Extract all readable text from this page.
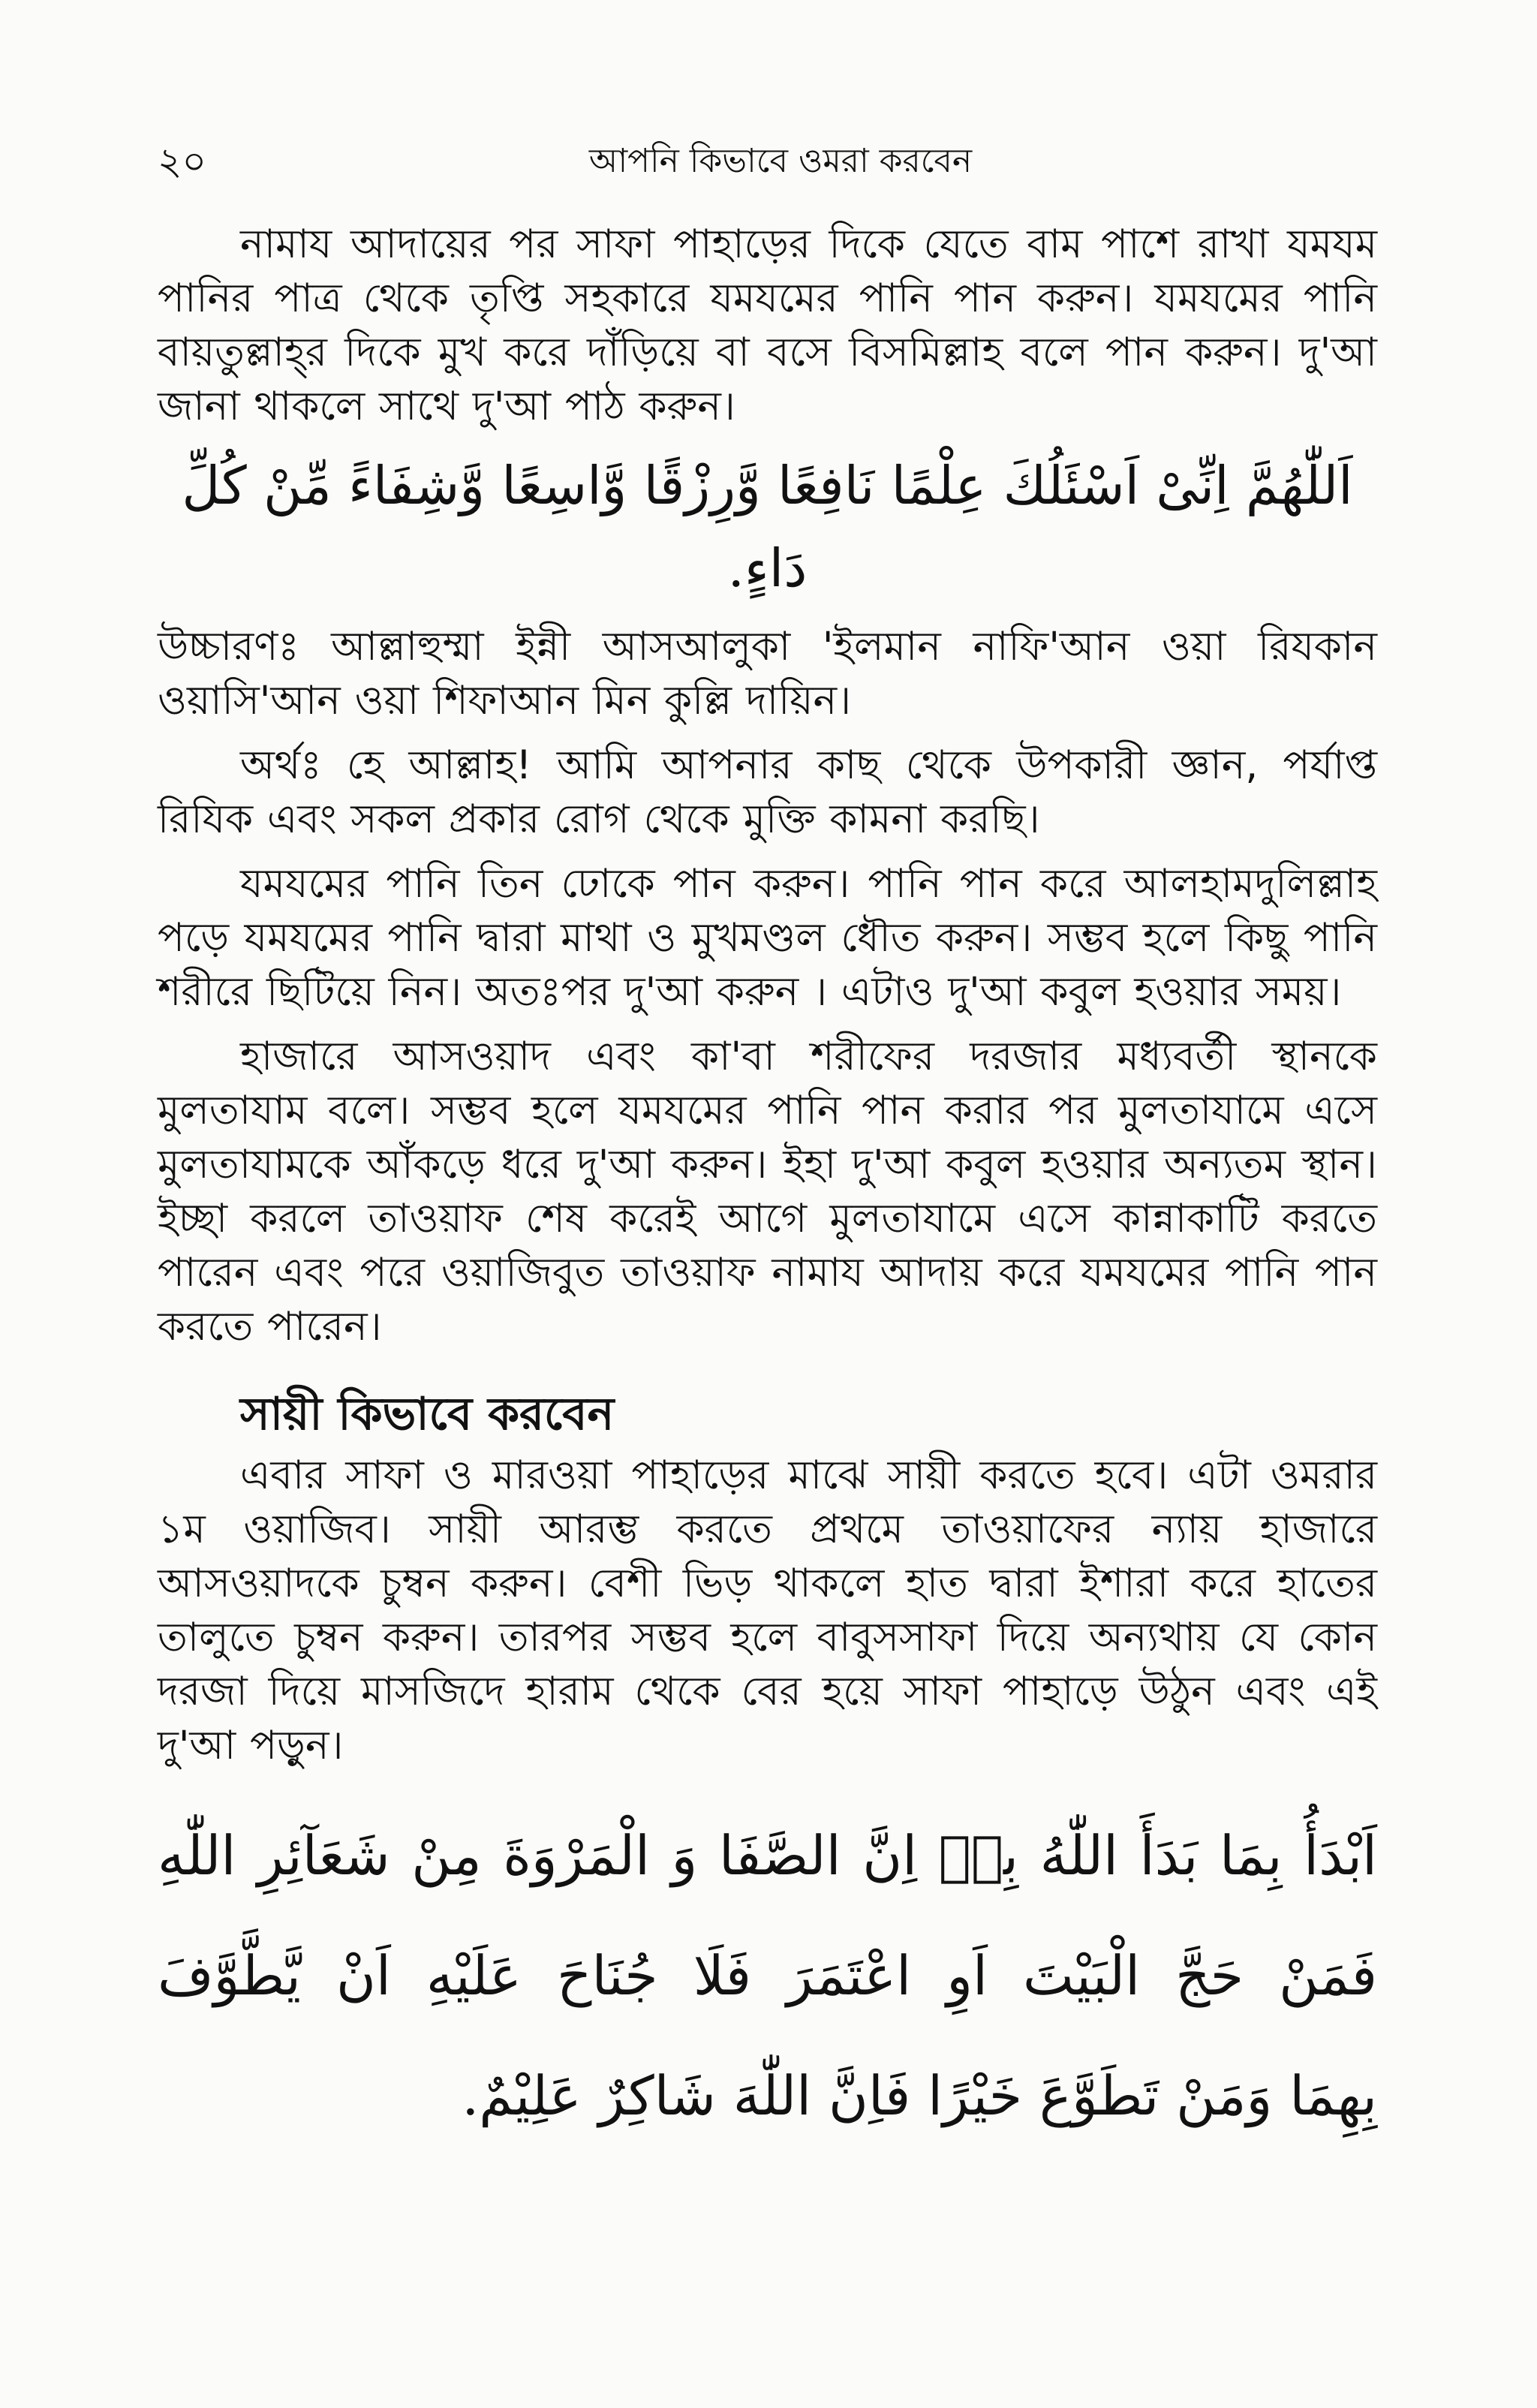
২০	আপনি কিভাবে ওমরা করবেন

নামায আদায়ের পর সাফা পাহাড়ের দিকে যেতে বাম পাশে রাখা যমযম পানির পাত্র থেকে তৃপ্তি সহকারে যমযমের পানি পান করুন। যমযমের পানি বায়তুল্লাহ্‌র দিকে মুখ করে দাঁড়িয়ে বা বসে বিসমিল্লাহ বলে পান করুন। দু'আ জানা থাকলে সাথে দু'আ পাঠ করুন।

اَللّٰهُمَّ اِنِّىْ اَسْئَلُكَ عِلْمًا نَافِعًا وَّرِزْقًا وَّاسِعًا وَّشِفَاءً مِّنْ كُلِّ دَاءٍ.

উচ্চারণঃ আল্লাহুম্মা ইন্নী আসআলুকা 'ইলমান নাফি'আন ওয়া রিযকান ওয়াসি'আন ওয়া শিফাআন মিন কুল্লি দায়িন।

অর্থঃ হে আল্লাহ! আমি আপনার কাছ থেকে উপকারী জ্ঞান, পর্যাপ্ত রিযিক এবং সকল প্রকার রোগ থেকে মুক্তি কামনা করছি।

যমযমের পানি তিন ঢোকে পান করুন। পানি পান করে আলহামদুলিল্লাহ পড়ে যমযমের পানি দ্বারা মাথা ও মুখমণ্ডল ধৌত করুন। সম্ভব হলে কিছু পানি শরীরে ছিটিয়ে নিন। অতঃপর দু'আ করুন । এটাও দু'আ কবুল হওয়ার সময়।

হাজারে আসওয়াদ এবং কা'বা শরীফের দরজার মধ্যবর্তী স্থানকে মুলতাযাম বলে। সম্ভব হলে যমযমের পানি পান করার পর মুলতাযামে এসে মুলতাযামকে আঁকড়ে ধরে দু'আ করুন। ইহা দু'আ কবুল হওয়ার অন্যতম স্থান। ইচ্ছা করলে তাওয়াফ শেষ করেই আগে মুলতাযামে এসে কান্নাকাটি করতে পারেন এবং পরে ওয়াজিবুত তাওয়াফ নামায আদায় করে যমযমের পানি পান করতে পারেন।

সায়ী কিভাবে করবেন

এবার সাফা ও মারওয়া পাহাড়ের মাঝে সায়ী করতে হবে। এটা ওমরার ১ম ওয়াজিব। সায়ী আরম্ভ করতে প্রথমে তাওয়াফের ন্যায় হাজারে আসওয়াদকে চুম্বন করুন। বেশী ভিড় থাকলে হাত দ্বারা ইশারা করে হাতের তালুতে চুম্বন করুন। তারপর সম্ভব হলে বাবুসসাফা দিয়ে অন্যথায় যে কোন দরজা দিয়ে মাসজিদে হারাম থেকে বের হয়ে সাফা পাহাড়ে উঠুন এবং এই দু'আ পড়ুন।

اَبْدَأُ بِمَا بَدَأَ اللّٰهُ بِهٖ اِنَّ الصَّفَا وَ الْمَرْوَةَ مِنْ شَعَآئِرِ اللّٰهِ
فَمَنْ حَجَّ الْبَيْتَ اَوِ اعْتَمَرَ فَلَا جُنَاحَ عَلَيْهِ اَنْ يَّطَّوَّفَ
بِهِمَا وَمَنْ تَطَوَّعَ خَيْرًا فَاِنَّ اللّٰهَ شَاكِرٌ عَلِيْمٌ.
